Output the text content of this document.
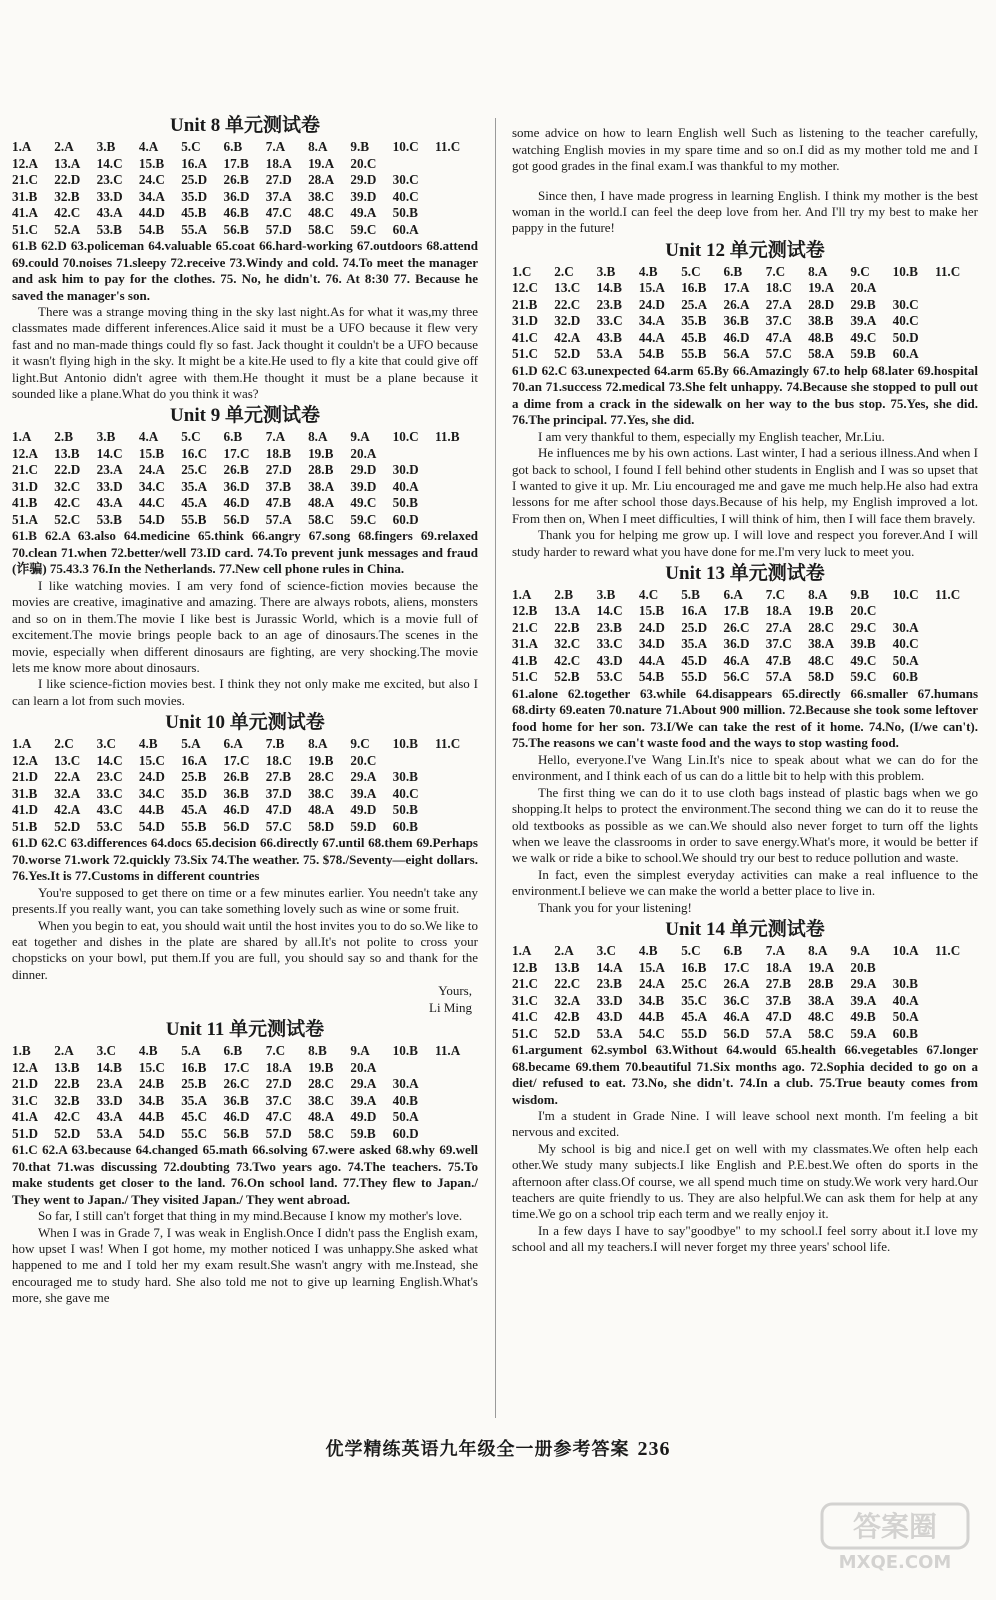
Unit 8 单元测试卷
1.A	2.A	3.B	4.A	5.C	6.B	7.A	8.A	9.B	10.C	11.C
12.A	13.A	14.C	15.B	16.A	17.B	18.A	19.A	20.C
21.C	22.D	23.C	24.C	25.D	26.B	27.D	28.A	29.D	30.C
31.B	32.B	33.D	34.A	35.D	36.D	37.A	38.C	39.D	40.C
41.A	42.C	43.A	44.D	45.B	46.B	47.C	48.C	49.A	50.B
51.C	52.A	53.B	54.B	55.A	56.B	57.D	58.C	59.C	60.A
61.B 62.D 63.policeman 64.valuable 65.coat 66.hard-working 67.outdoors 68.attend 69.could 70.noises 71.sleepy 72.receive 73.Windy and cold. 74.To meet the manager and ask him to pay for the clothes. 75. No, he didn't. 76. At 8:30 77. Because he saved the manager's son.

There was a strange moving thing in the sky last night.As for what it was,my three classmates made different inferences.Alice said it must be a UFO because it flew very fast and no man-made things could fly so fast. Jack thought it couldn't be a UFO because it wasn't flying high in the sky. It might be a kite.He used to fly a kite that could give off light.But Antonio didn't agree with them.He thought it must be a plane because it sounded like a plane.What do you think it was?

Unit 9 单元测试卷
1.A	2.B	3.B	4.A	5.C	6.B	7.A	8.A	9.A	10.C	11.B
12.A	13.B	14.C	15.B	16.C	17.C	18.B	19.B	20.A
21.C	22.D	23.A	24.A	25.C	26.B	27.D	28.B	29.D	30.D
31.D	32.C	33.D	34.C	35.A	36.D	37.B	38.A	39.D	40.A
41.B	42.C	43.A	44.C	45.A	46.D	47.B	48.A	49.C	50.B
51.A	52.C	53.B	54.D	55.B	56.D	57.A	58.C	59.C	60.D
61.B 62.A 63.also 64.medicine 65.think 66.angry 67.song 68.fingers 69.relaxed 70.clean 71.when 72.better/well 73.ID card. 74.To prevent junk messages and fraud (诈骗) 75.43.3 76.In the Netherlands. 77.New cell phone rules in China.

I like watching movies. I am very fond of science-fiction movies because the movies are creative, imaginative and amazing. There are always robots, aliens, monsters and so on in them.The movie I like best is Jurassic World, which is a movie full of excitement.The movie brings people back to an age of dinosaurs.The scenes in the movie, especially when different dinosaurs are fighting, are very shocking.The movie lets me know more about dinosaurs.

I like science-fiction movies best. I think they not only make me excited, but also I can learn a lot from such movies.

Unit 10 单元测试卷
1.A	2.C	3.C	4.B	5.A	6.A	7.B	8.A	9.C	10.B	11.C
12.A	13.C	14.C	15.C	16.A	17.C	18.C	19.B	20.C
21.D	22.A	23.C	24.D	25.B	26.B	27.B	28.C	29.A	30.B
31.B	32.A	33.C	34.C	35.D	36.B	37.D	38.C	39.A	40.C
41.D	42.A	43.C	44.B	45.A	46.D	47.D	48.A	49.D	50.B
51.B	52.D	53.C	54.D	55.B	56.D	57.C	58.D	59.D	60.B
61.D 62.C 63.differences 64.docs 65.decision 66.directly 67.until 68.them 69.Perhaps 70.worse 71.work 72.quickly 73.Six 74.The weather. 75. $78./Seventy—eight dollars. 76.Yes.It is 77.Customs in different countries

You're supposed to get there on time or a few minutes earlier. You needn't take any presents.If you really want, you can take something lovely such as wine or some fruit.

When you begin to eat, you should wait until the host invites you to do so.We like to eat together and dishes in the plate are shared by all.It's not polite to cross your chopsticks on your bowl, put them.If you are full, you should say so and thank for the dinner.

Yours,
Li Ming
Unit 11 单元测试卷
1.B	2.A	3.C	4.B	5.A	6.B	7.C	8.B	9.A	10.B	11.A
12.A	13.B	14.B	15.C	16.B	17.C	18.A	19.B	20.A
21.D	22.B	23.A	24.B	25.B	26.C	27.D	28.C	29.A	30.A
31.C	32.B	33.D	34.B	35.A	36.B	37.C	38.C	39.A	40.B
41.A	42.C	43.A	44.B	45.C	46.D	47.C	48.A	49.D	50.A
51.D	52.D	53.A	54.D	55.C	56.B	57.D	58.C	59.B	60.D
61.C 62.A 63.because 64.changed 65.math 66.solving 67.were asked 68.why 69.well 70.that 71.was discussing 72.doubting 73.Two years ago. 74.The teachers. 75.To make students get closer to the land. 76.On school land. 77.They flew to Japan./ They went to Japan./ They visited Japan./ They went abroad.

So far, I still can't forget that thing in my mind.Because I know my mother's love.

When I was in Grade 7, I was weak in English.Once I didn't pass the English exam, how upset I was! When I got home, my mother noticed I was unhappy.She asked what happened to me and I told her my exam result.She wasn't angry with me.Instead, she encouraged me to study hard. She also told me not to give up learning English.What's more, she gave me

some advice on how to learn English well Such as listening to the teacher carefully, watching English movies in my spare time and so on.I did as my mother told me and I got good grades in the final exam.I was thankful to my mother.

Since then, I have made progress in learning English. I think my mother is the best woman in the world.I can feel the deep love from her. And I'll try my best to make her pappy in the future!

Unit 12 单元测试卷
1.C	2.C	3.B	4.B	5.C	6.B	7.C	8.A	9.C	10.B	11.C
12.C	13.C	14.B	15.A	16.B	17.A	18.C	19.A	20.A
21.B	22.C	23.B	24.D	25.A	26.A	27.A	28.D	29.B	30.C
31.D	32.D	33.C	34.A	35.B	36.B	37.C	38.B	39.A	40.C
41.C	42.A	43.B	44.A	45.B	46.D	47.A	48.B	49.C	50.D
51.C	52.D	53.A	54.B	55.B	56.A	57.C	58.A	59.B	60.A
61.D 62.C 63.unexpected 64.arm 65.By 66.Amazingly 67.to help 68.later 69.hospital 70.an 71.success 72.medical 73.She felt unhappy. 74.Because she stopped to pull out a dime from a crack in the sidewalk on her way to the bus stop. 75.Yes, she did. 76.The principal. 77.Yes, she did.

I am very thankful to them, especially my English teacher, Mr.Liu.

He influences me by his own actions. Last winter, I had a serious illness.And when I got back to school, I found I fell behind other students in English and I was so upset that I wanted to give it up. Mr. Liu encouraged me and gave me much help.He also had extra lessons for me after school those days.Because of his help, my English improved a lot. From then on, When I meet difficulties, I will think of him, then I will face them bravely.

Thank you for helping me grow up. I will love and respect you forever.And I will study harder to reward what you have done for me.I'm very luck to meet you.

Unit 13 单元测试卷
1.A	2.B	3.B	4.C	5.B	6.A	7.C	8.A	9.B	10.C	11.C
12.B	13.A	14.C	15.B	16.A	17.B	18.A	19.B	20.C
21.C	22.B	23.B	24.D	25.D	26.C	27.A	28.C	29.C	30.A
31.A	32.C	33.C	34.D	35.A	36.D	37.C	38.A	39.B	40.C
41.B	42.C	43.D	44.A	45.D	46.A	47.B	48.C	49.C	50.A
51.C	52.B	53.C	54.B	55.D	56.C	57.A	58.D	59.C	60.B
61.alone 62.together 63.while 64.disappears 65.directly 66.smaller 67.humans 68.dirty 69.eaten 70.nature 71.About 900 million. 72.Because she took some leftover food home for her son. 73.I/We can take the rest of it home. 74.No, (I/we can't). 75.The reasons we can't waste food and the ways to stop wasting food.

Hello, everyone.I've Wang Lin.It's nice to speak about what we can do for the environment, and I think each of us can do a little bit to help with this problem.

The first thing we can do it to use cloth bags instead of plastic bags when we go shopping.It helps to protect the environment.The second thing we can do it to reuse the old textbooks as possible as we can.We should also never forget to turn off the lights when we leave the classrooms in order to save energy.What's more, it would be better if we walk or ride a bike to school.We should try our best to reduce pollution and waste.

In fact, even the simplest everyday activities can make a real influence to the environment.I believe we can make the world a better place to live in.

Thank you for your listening!

Unit 14 单元测试卷
1.A	2.A	3.C	4.B	5.C	6.B	7.A	8.A	9.A	10.A	11.C
12.B	13.B	14.A	15.A	16.B	17.C	18.A	19.A	20.B
21.C	22.C	23.B	24.A	25.C	26.A	27.B	28.B	29.A	30.B
31.C	32.A	33.D	34.B	35.C	36.C	37.B	38.A	39.A	40.A
41.C	42.B	43.D	44.B	45.A	46.A	47.D	48.C	49.B	50.A
51.C	52.D	53.A	54.C	55.D	56.D	57.A	58.C	59.A	60.B
61.argument 62.symbol 63.Without 64.would 65.health 66.vegetables 67.longer 68.became 69.them 70.beautiful 71.Six months ago. 72.Sophia decided to go on a diet/ refused to eat. 73.No, she didn't. 74.In a club. 75.True beauty comes from wisdom.

I'm a student in Grade Nine. I will leave school next month. I'm feeling a bit nervous and excited.

My school is big and nice.I get on well with my classmates.We often help each other.We study many subjects.I like English and P.E.best.We often do sports in the afternoon after class.Of course, we all spend much time on study.We work very hard.Our teachers are quite friendly to us. They are also helpful.We can ask them for help at any time.We go on a school trip each term and we really enjoy it.

In a few days I have to say"goodbye" to my school.I feel sorry about it.I love my school and all my teachers.I will never forget my three years' school life.

优学精练英语九年级全一册参考答案 236
答案圈
MXQE.COM
